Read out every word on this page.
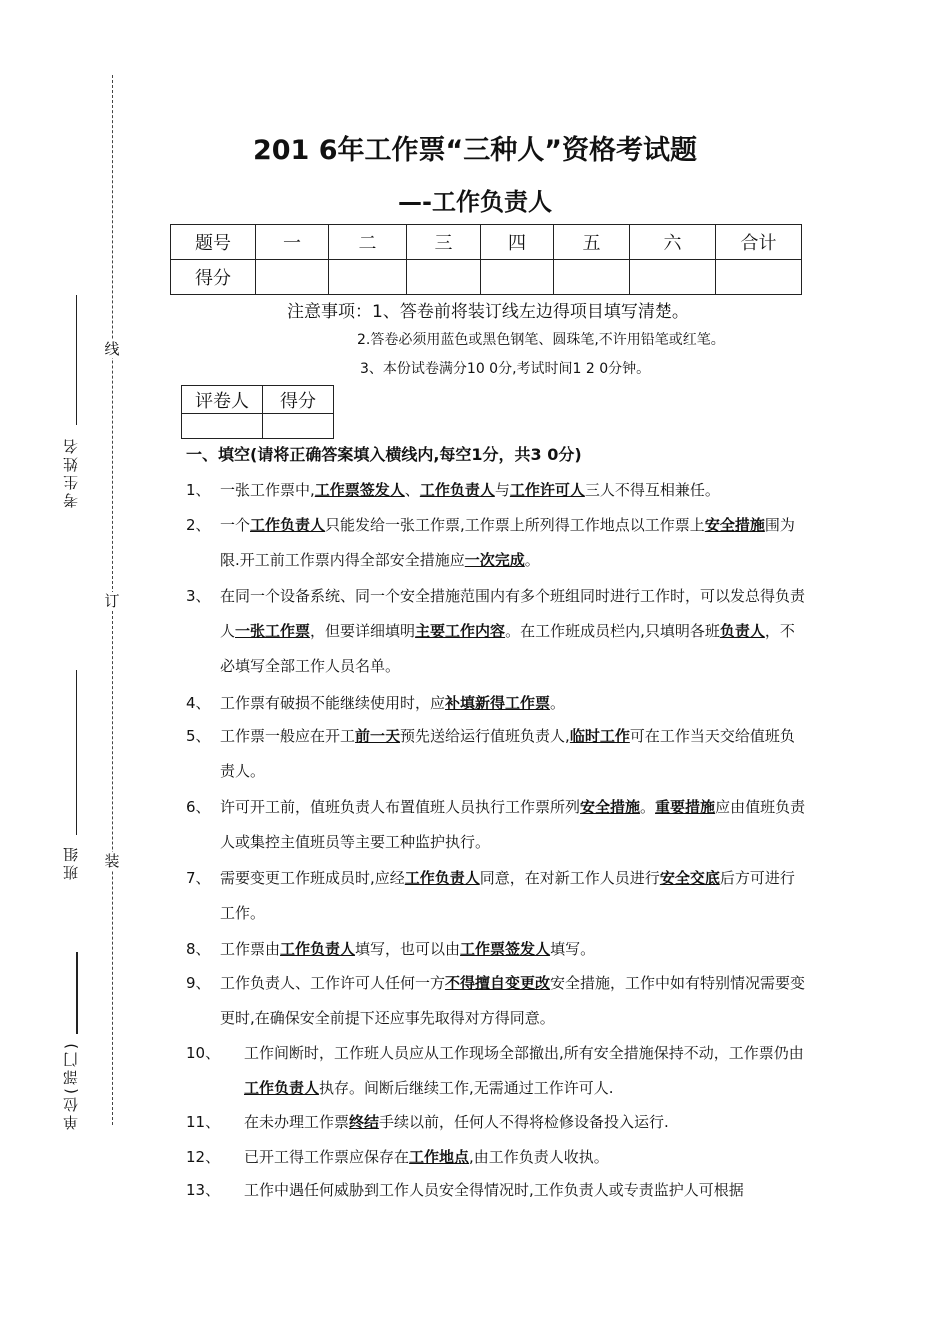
线
订
装
考生姓名
班组
单位(部门)
201 6年工作票“三种人”资格考试题
—-工作负责人
题号	一	二	三	四	五	六	合计
得分							
注意事项：1、答卷前将装订线左边得项目填写清楚。
2.答卷必须用蓝色或黑色钢笔、圆珠笔,不许用铅笔或红笔。
3、本份试卷满分10 0分,考试时间1 2 0分钟。
评卷人	得分

一、填空(请将正确答案填入横线内,每空1分，共3 0分)
1、 一张工作票中,工作票签发人、工作负责人与工作许可人三人不得互相兼任。
2、 一个工作负责人只能发给一张工作票,工作票上所列得工作地点以工作票上安全措施围为限.开工前工作票内得全部安全措施应一次完成。
3、 在同一个设备系统、同一个安全措施范围内有多个班组同时进行工作时，可以发总得负责人一张工作票，但要详细填明主要工作内容。在工作班成员栏内,只填明各班负责人，不必填写全部工作人员名单。
4、 工作票有破损不能继续使用时，应补填新得工作票。
5、 工作票一般应在开工前一天预先送给运行值班负责人,临时工作可在工作当天交给值班负责人。
6、 许可开工前，值班负责人布置值班人员执行工作票所列安全措施。重要措施应由值班负责人或集控主值班员等主要工种监护执行。
7、 需要变更工作班成员时,应经工作负责人同意，在对新工作人员进行安全交底后方可进行工作。
8、 工作票由工作负责人填写，也可以由工作票签发人填写。
9、 工作负责人、工作许可人任何一方不得擅自变更改安全措施，工作中如有特别情况需要变更时,在确保安全前提下还应事先取得对方得同意。
10、	工作间断时，工作班人员应从工作现场全部撤出,所有安全措施保持不动，工作票仍由工作负责人执存。间断后继续工作,无需通过工作许可人.
11、	在未办理工作票终结手续以前，任何人不得将检修设备投入运行.
12、	已开工得工作票应保存在工作地点,由工作负责人收执。
13、	工作中遇任何威胁到工作人员安全得情况时,工作负责人或专责监护人可根据
